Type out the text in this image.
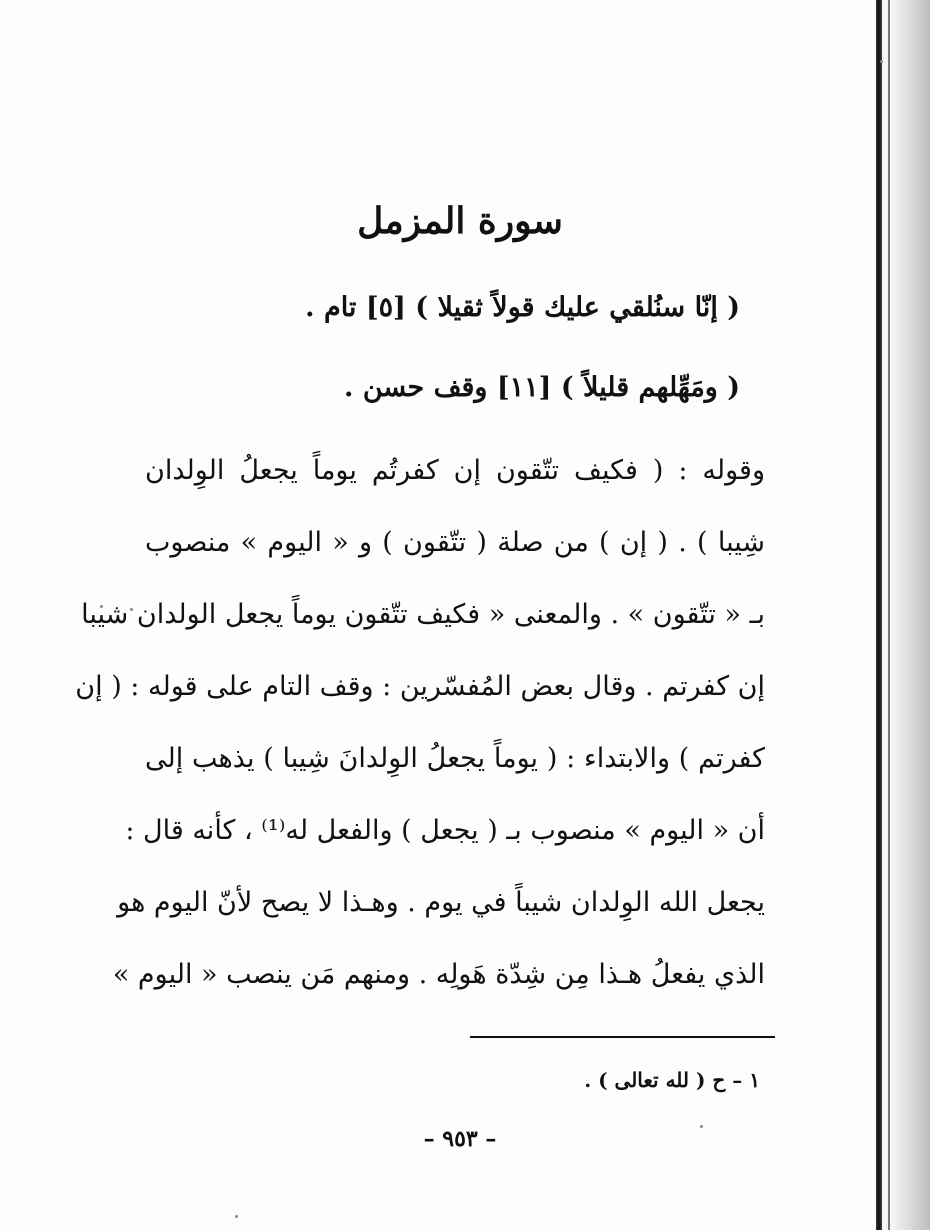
سورة المزمل
( إنّا سنُلقي عليك قولاً ثقيلا ) [٥] تام .
( ومَهِّلهم قليلاً ) [١١] وقف حسن .
وقوله : ( فكيف تتّقون إن كفرتُم يوماً يجعلُ الوِلدان
شِيبا ) . ( إن ) من صلة ( تتّقون ) و « اليوم » منصوب
بـ « تتّقون » . والمعنى « فكيف تتّقون يوماً يجعل الولدان شيبا
إن كفرتم . وقال بعض المُفسّرين : وقف التام على قوله : ( إن
كفرتم ) والابتداء : ( يوماً يجعلُ الوِلدانَ شِيبا ) يذهب إلى
أن « اليوم » منصوب بـ ( يجعل ) والفعل له⁽¹⁾ ، كأنه قال :
يجعل الله الوِلدان شيباً في يوم . وهـذا لا يصح لأنّ اليوم هو
الذي يفعلُ هـذا مِن شِدّة هَولِه . ومنهم مَن ينصب « اليوم »
١ – ح ( لله تعالى ) .
– ٩٥٣ –
